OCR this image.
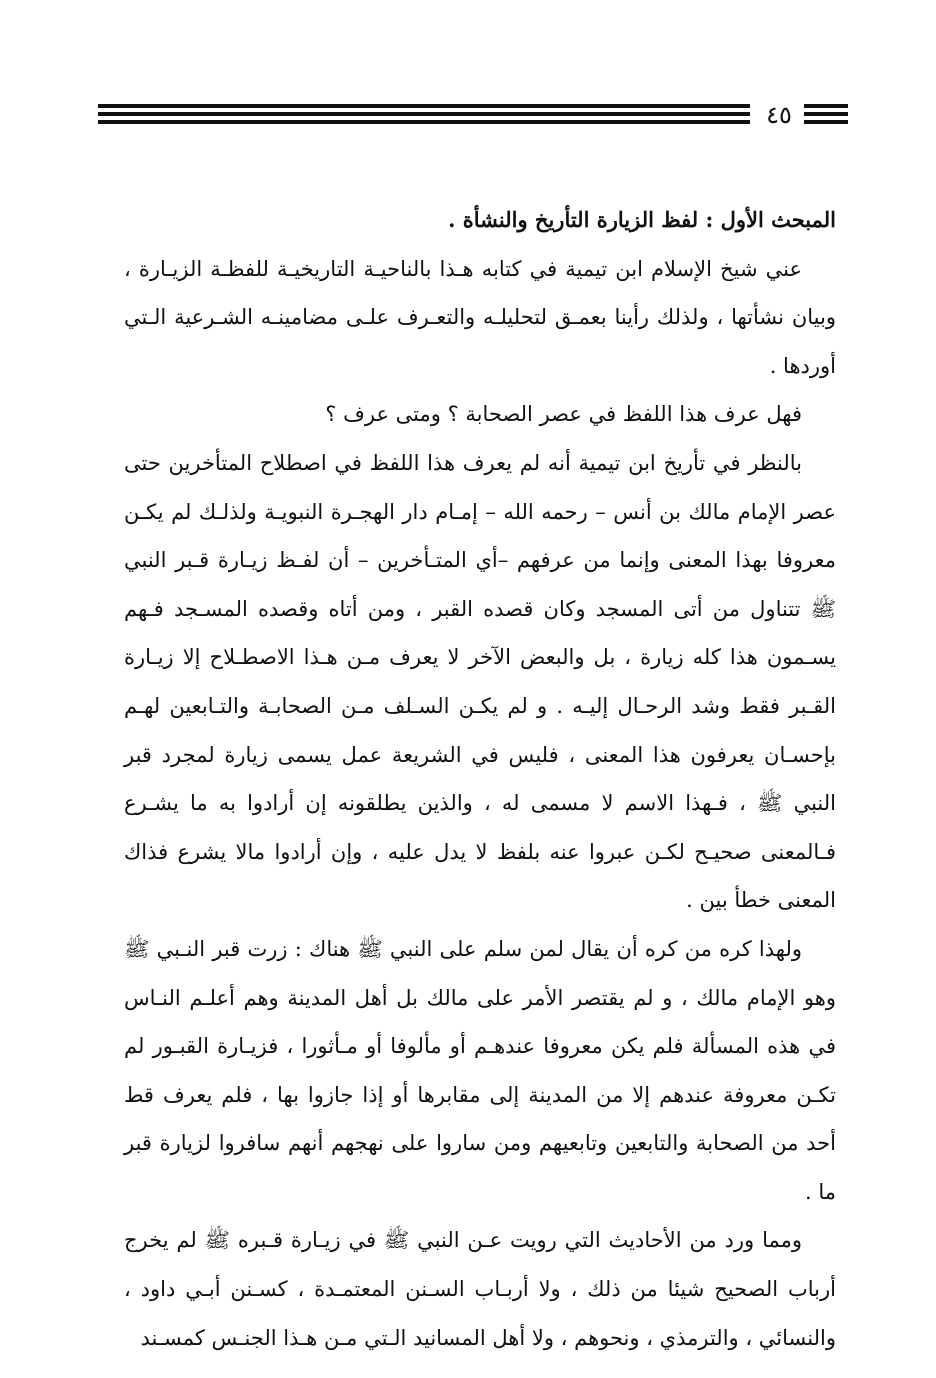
٤٥

المبحث الأول : لفظ الزيارة التأريخ والنشأة .

عني شيخ الإسلام ابن تيمية في كتابه هـذا بالناحيـة التاريخيـة للفظـة الزيـارة ، وبيان نشأتها ، ولذلك رأينا بعمـق لتحليلـه والتعـرف علـى مضامينـه الشـرعية الـتي أوردها .

فهل عرف هذا اللفظ في عصر الصحابة ؟ ومتى عرف ؟

بالنظر في تأريخ ابن تيمية أنه لم يعرف هذا اللفظ في اصطلاح المتأخرين حتى عصر الإمام مالك بن أنس – رحمه الله – إمـام دار الهجـرة النبويـة ولذلـك لم يكـن معروفا بهذا المعنى وإنما من عرفهم –أي المتـأخرين – أن لفـظ زيـارة قـبر النبي ﷺ تتناول من أتى المسجد وكان قصده القبر ، ومن أتاه وقصده المسـجد فـهم يسـمون هذا كله زيارة ، بل والبعض الآخر لا يعرف مـن هـذا الاصطـلاح إلا زيـارة القـبر فقط وشد الرحـال إليـه . و لم يكـن السـلف مـن الصحابـة والتـابعين لهـم بإحسـان يعرفون هذا المعنى ، فليس في الشريعة عمل يسمى زيارة لمجرد قبر النبي ﷺ ، فـهذا الاسم لا مسمى له ، والذين يطلقونه إن أرادوا به ما يشـرع فـالمعنى صحيـح لكـن عبروا عنه بلفظ لا يدل عليه ، وإن أرادوا مالا يشرع فذاك المعنى خطأ بين .

ولهذا كره من كره أن يقال لمن سلم على النبي ﷺ هناك : زرت قبر النـبي ﷺ وهو الإمام مالك ، و لم يقتصر الأمر على مالك بل أهل المدينة وهم أعلـم النـاس في هذه المسألة فلم يكن معروفا عندهـم أو مألوفا أو مـأثورا ، فزيـارة القبـور لم تكـن معروفة عندهم إلا من المدينة إلى مقابرها أو إذا جازوا بها ، فلم يعرف قط أحد من الصحابة والتابعين وتابعيهم ومن ساروا على نهجهم أنهم سافروا لزيارة قبر ما .

ومما ورد من الأحاديث التي رويت عـن النبي ﷺ في زيـارة قـبره ﷺ لم يخرج أرباب الصحيح شيئا من ذلك ، ولا أربـاب السـنن المعتمـدة ، كسـنن أبـي داود ، والنسائي ، والترمذي ، ونحوهم ، ولا أهل المسانيد الـتي مـن هـذا الجنـس كمسـند
